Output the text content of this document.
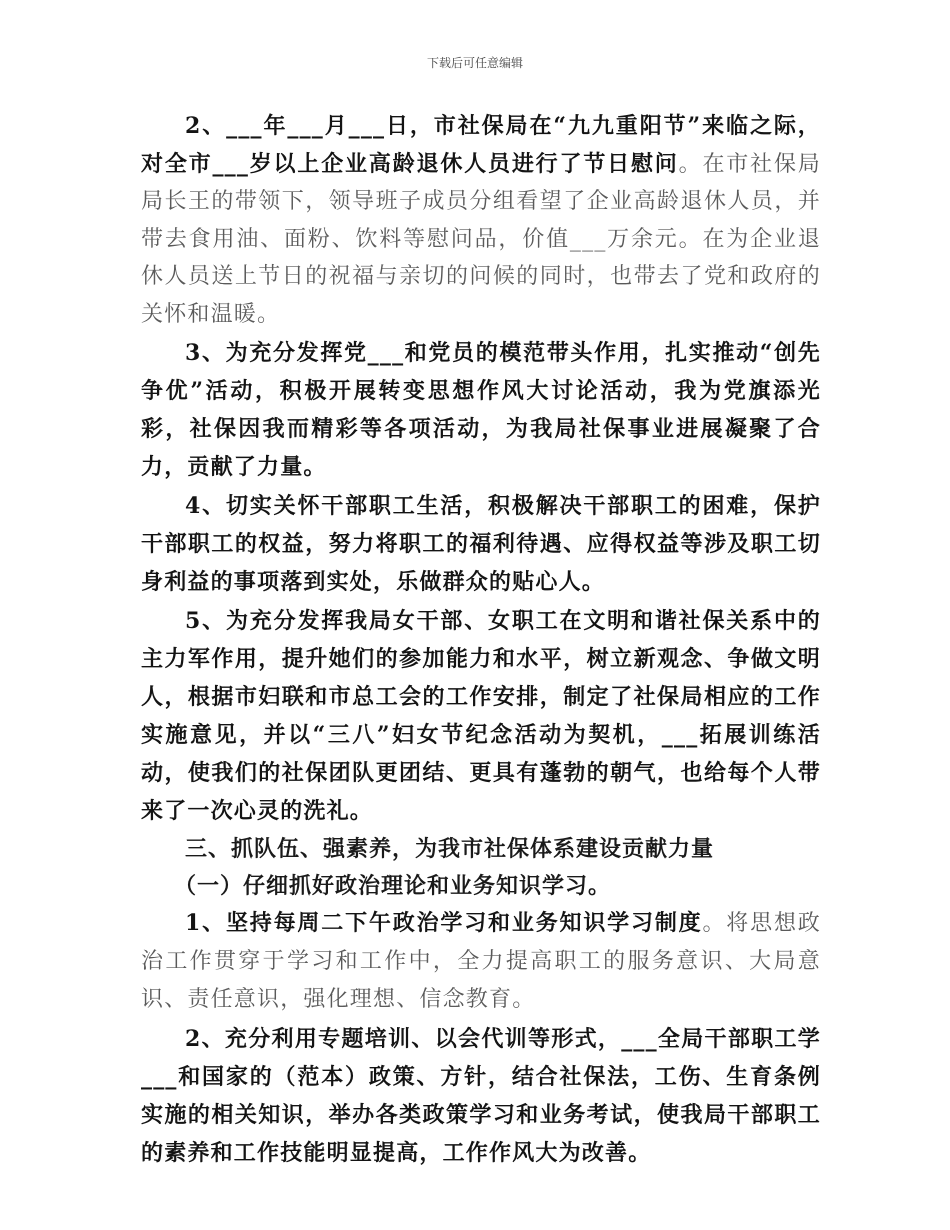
下载后可任意编辑

2、___年___月___日，市社保局在“九九重阳节”来临之际，对全市___岁以上企业高龄退休人员进行了节日慰问。在市社保局局长王的带领下，领导班子成员分组看望了企业高龄退休人员，并带去食用油、面粉、饮料等慰问品，价值___万余元。在为企业退休人员送上节日的祝福与亲切的问候的同时，也带去了党和政府的关怀和温暖。

3、为充分发挥党___和党员的模范带头作用，扎实推动“创先争优”活动，积极开展转变思想作风大讨论活动，我为党旗添光彩，社保因我而精彩等各项活动，为我局社保事业进展凝聚了合力，贡献了力量。

4、切实关怀干部职工生活，积极解决干部职工的困难，保护干部职工的权益，努力将职工的福利待遇、应得权益等涉及职工切身利益的事项落到实处，乐做群众的贴心人。

5、为充分发挥我局女干部、女职工在文明和谐社保关系中的主力军作用，提升她们的参加能力和水平，树立新观念、争做文明人，根据市妇联和市总工会的工作安排，制定了社保局相应的工作实施意见，并以“三八”妇女节纪念活动为契机，___拓展训练活动，使我们的社保团队更团结、更具有蓬勃的朝气，也给每个人带来了一次心灵的洗礼。

三、抓队伍、强素养，为我市社保体系建设贡献力量

（一）仔细抓好政治理论和业务知识学习。

1、坚持每周二下午政治学习和业务知识学习制度。将思想政治工作贯穿于学习和工作中，全力提高职工的服务意识、大局意识、责任意识，强化理想、信念教育。

2、充分利用专题培训、以会代训等形式，___全局干部职工学___和国家的（范本）政策、方针，结合社保法，工伤、生育条例实施的相关知识，举办各类政策学习和业务考试，使我局干部职工的素养和工作技能明显提高，工作作风大为改善。
